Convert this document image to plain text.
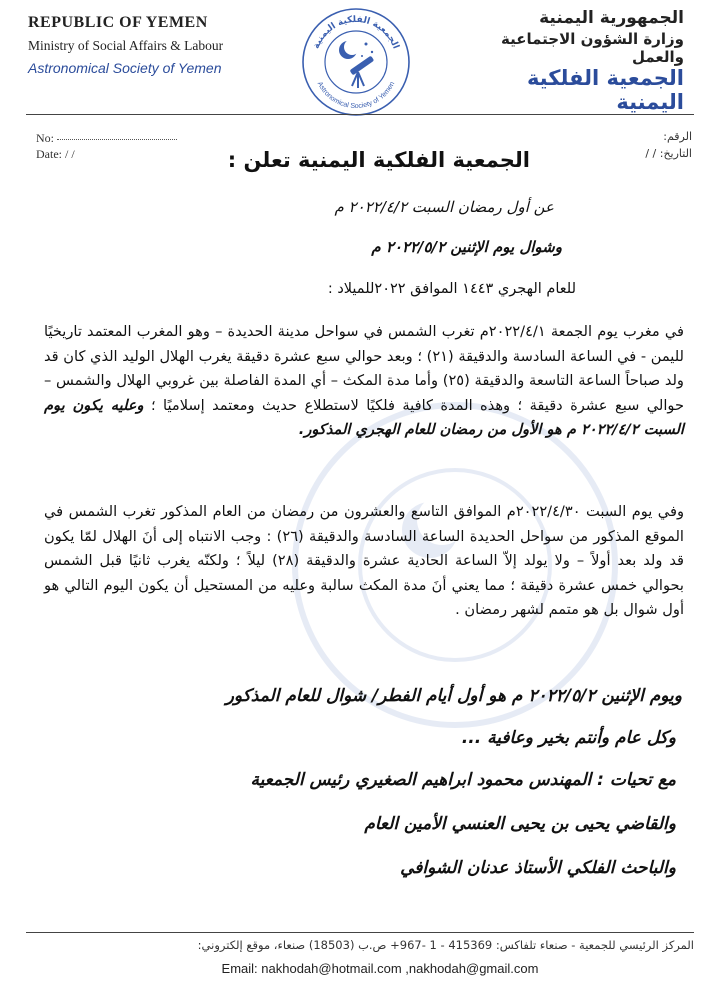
REPUBLIC OF YEMEN
Ministry of Social Affairs & Labour
Astronomical Society of Yemen
الجمعية الفلكية اليمنية
Astronomical Society of Yemen
الجمهورية اليمنية
وزارة الشؤون الاجتماعية والعمل
الجمعية الفلكية اليمنية
No:
Date: / /
الرقم:
التاريخ: / /
الجمعية الفلكية اليمنية تعلن :
عن أول رمضان السبت ٢٠٢٢/٤/٢ م
وشوال يوم الإثنين ٢٠٢٢/٥/٢ م
للعام الهجري ١٤٤٣ الموافق ٢٠٢٢للميلاد :
في مغرب يوم الجمعة ٢٠٢٢/٤/١م تغرب الشمس في سواحل مدينة الحديدة – وهو المغرب المعتمد تاريخيًا لليمن - في الساعة السادسة والدقيقة (٢١) ؛ وبعد حوالي سبع عشرة دقيقة يغرب الهلال الوليد الذي كان قد ولد صباحاً الساعة التاسعة والدقيقة (٢٥) وأما مدة المكث – أي المدة الفاصلة بين غروبي الهلال والشمس – حوالي سبع عشرة دقيقة ؛ وهذه المدة كافية فلكيًا لاستطلاع حديث ومعتمد إسلاميًا ؛ وعليه يكون يوم السبت ٢٠٢٢/٤/٢ م هو الأول من رمضان للعام الهجري المذكور.
وفي يوم السبت ٢٠٢٢/٤/٣٠م الموافق التاسع والعشرون من رمضان من العام المذكور تغرب الشمس في الموقع المذكور من سواحل الحديدة الساعة السادسة والدقيقة (٢٦) : وجب الانتباه إلى أنَ الهلال لمّا يكون قد ولد بعد أولاً – ولا يولد إلاّ الساعة الحادية عشرة والدقيقة (٢٨) ليلاً ؛ ولكنّه يغرب ثانيًا قبل الشمس بحوالي خمس عشرة دقيقة ؛ مما يعني أنَ مدة المكث سالبة وعليه من المستحيل أن يكون اليوم التالي هو أول شوال بل هو متمم لشهر رمضان .
ويوم الإثنين ٢٠٢٢/٥/٢ م هو أول أيام الفطر/ شوال للعام المذكور
وكل عام وأنتم بخير وعافية ...
مع تحيات : المهندس محمود ابراهيم الصغيري رئيس الجمعية
والقاضي يحيى بن يحيى العنسي الأمين العام
والباحث الفلكي الأستاذ عدنان الشوافي
المركز الرئيسي للجمعية - صنعاء تلفاكس: 415369 - 1 -967+ ص.ب (18503) صنعاء، موقع إلكتروني:
Email: nakhodah@hotmail.com ,nakhodah@gmail.com
